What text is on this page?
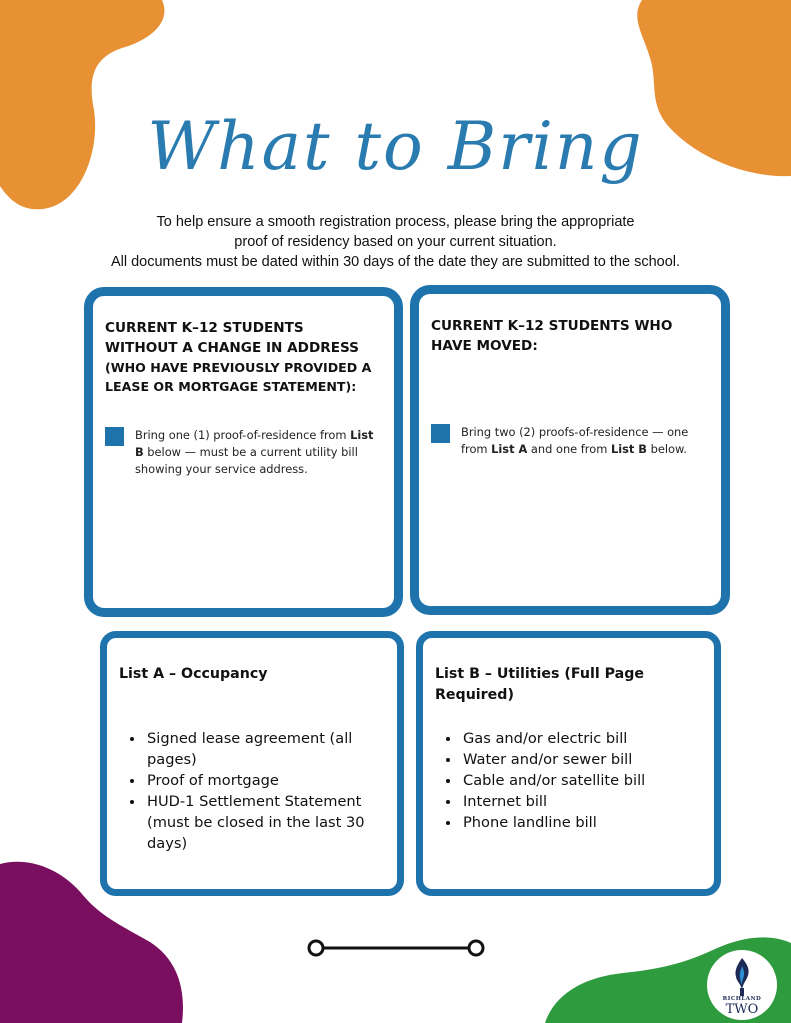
What to Bring
To help ensure a smooth registration process, please bring the appropriate
proof of residency based on your current situation.
All documents must be dated within 30 days of the date they are submitted to the school.

CURRENT K–12 STUDENTS WITHOUT A CHANGE IN ADDRESS

(WHO HAVE PREVIOUSLY PROVIDED A LEASE OR MORTGAGE STATEMENT):

Bring one (1) proof-of-residence from List B below — must be a current utility bill showing your service address.

CURRENT K–12 STUDENTS WHO HAVE MOVED:

Bring two (2) proofs-of-residence — one from List A and one from List B below.

List A – Occupancy

• Signed lease agreement (all pages)
• Proof of mortgage
• HUD-1 Settlement Statement (must be closed in the last 30 days)

List B – Utilities (Full Page Required)

• Gas and/or electric bill
• Water and/or sewer bill
• Cable and/or satellite bill
• Internet bill
• Phone landline bill
RICHLAND
TWO
